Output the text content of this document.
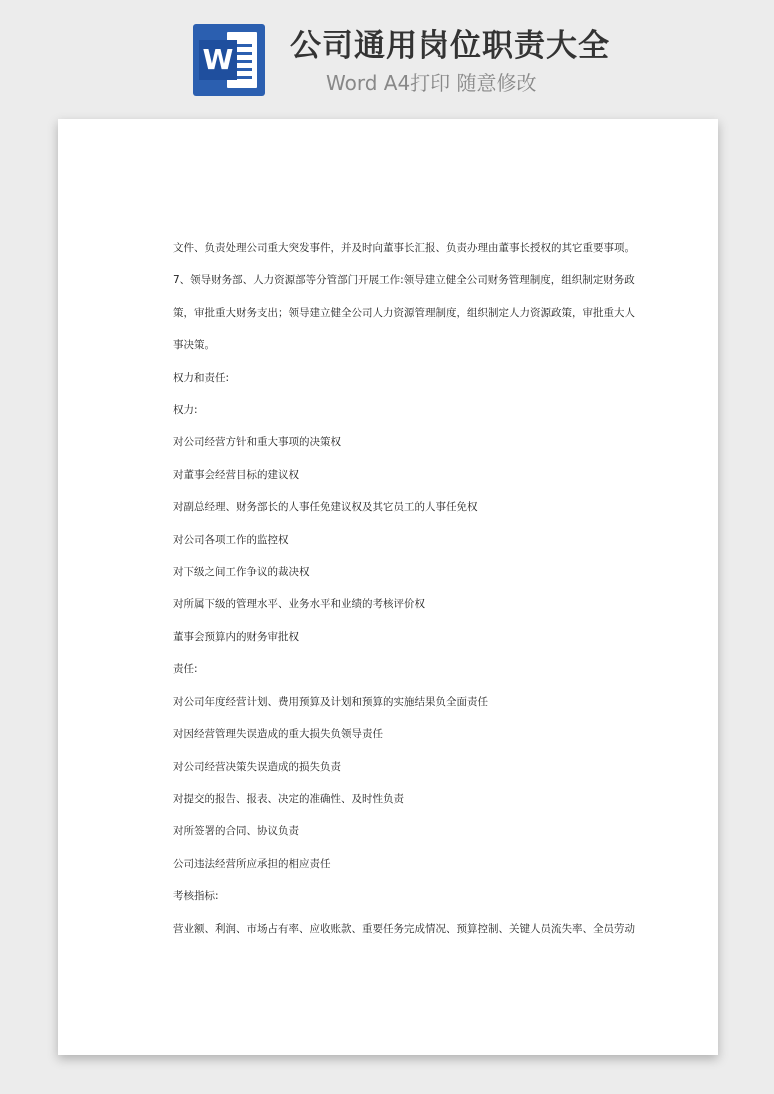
W 公司通用岗位职责大全
Word A4打印 随意修改

文件、负责处理公司重大突发事件，并及时向董事长汇报、负责办理由董事长授权的其它重要事项。

7、领导财务部、人力资源部等分管部门开展工作:领导建立健全公司财务管理制度，组织制定财务政

策，审批重大财务支出；领导建立健全公司人力资源管理制度，组织制定人力资源政策，审批重大人

事决策。

权力和责任:

权力:

对公司经营方针和重大事项的决策权

对董事会经营目标的建议权

对副总经理、财务部长的人事任免建议权及其它员工的人事任免权

对公司各项工作的监控权

对下级之间工作争议的裁决权

对所属下级的管理水平、业务水平和业绩的考核评价权

董事会预算内的财务审批权

责任:

对公司年度经营计划、费用预算及计划和预算的实施结果负全面责任

对因经营管理失误造成的重大损失负领导责任

对公司经营决策失误造成的损失负责

对提交的报告、报表、决定的准确性、及时性负责

对所签署的合同、协议负责

公司违法经营所应承担的相应责任

考核指标:

营业额、利润、市场占有率、应收账款、重要任务完成情况、预算控制、关键人员流失率、全员劳动
